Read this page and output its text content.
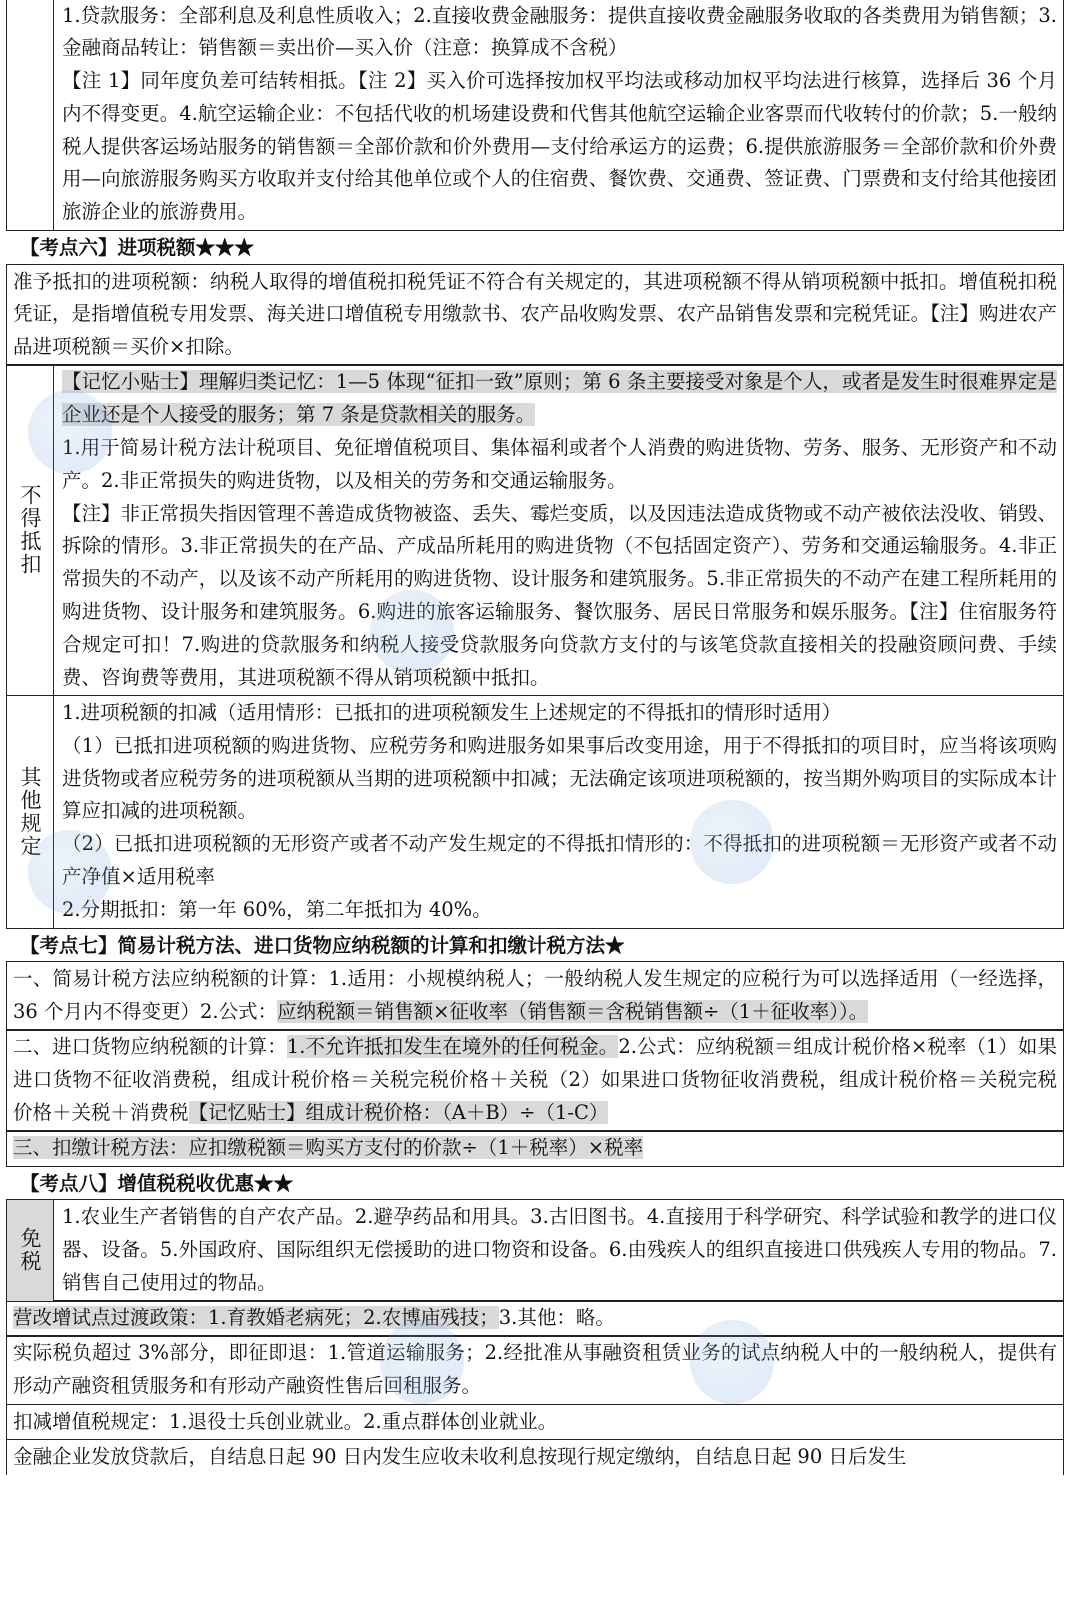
1.贷款服务：全部利息及利息性质收入；2.直接收费金融服务：提供直接收费金融服务收取的各类费用为销售额；3.金融商品转让：销售额＝卖出价—买入价（注意：换算成不含税）

【注 1】同年度负差可结转相抵。【注 2】买入价可选择按加权平均法或移动加权平均法进行核算，选择后 36 个月内不得变更。4.航空运输企业：不包括代收的机场建设费和代售其他航空运输企业客票而代收转付的价款；5.一般纳税人提供客运场站服务的销售额＝全部价款和价外费用—支付给承运方的运费；6.提供旅游服务＝全部价款和价外费用—向旅游服务购买方收取并支付给其他单位或个人的住宿费、餐饮费、交通费、签证费、门票费和支付给其他接团旅游企业的旅游费用。

【考点六】进项税额★★★

准予抵扣的进项税额：纳税人取得的增值税扣税凭证不符合有关规定的，其进项税额不得从销项税额中抵扣。增值税扣税凭证，是指增值税专用发票、海关进口增值税专用缴款书、农产品收购发票、农产品销售发票和完税凭证。【注】购进农产品进项税额＝买价×扣除。

不得抵扣

【记忆小贴士】理解归类记忆：1—5 体现“征扣一致”原则；第 6 条主要接受对象是个人，或者是发生时很难界定是企业还是个人接受的服务；第 7 条是贷款相关的服务。

1.用于简易计税方法计税项目、免征增值税项目、集体福利或者个人消费的购进货物、劳务、服务、无形资产和不动产。2.非正常损失的购进货物，以及相关的劳务和交通运输服务。

【注】非正常损失指因管理不善造成货物被盗、丢失、霉烂变质，以及因违法造成货物或不动产被依法没收、销毁、拆除的情形。3.非正常损失的在产品、产成品所耗用的购进货物（不包括固定资产）、劳务和交通运输服务。4.非正常损失的不动产，以及该不动产所耗用的购进货物、设计服务和建筑服务。5.非正常损失的不动产在建工程所耗用的购进货物、设计服务和建筑服务。6.购进的旅客运输服务、餐饮服务、居民日常服务和娱乐服务。【注】住宿服务符合规定可扣！7.购进的贷款服务和纳税人接受贷款服务向贷款方支付的与该笔贷款直接相关的投融资顾问费、手续费、咨询费等费用，其进项税额不得从销项税额中抵扣。

其他规定

1.进项税额的扣减（适用情形：已抵扣的进项税额发生上述规定的不得抵扣的情形时适用）

（1）已抵扣进项税额的购进货物、应税劳务和购进服务如果事后改变用途，用于不得抵扣的项目时，应当将该项购进货物或者应税劳务的进项税额从当期的进项税额中扣减；无法确定该项进项税额的，按当期外购项目的实际成本计算应扣减的进项税额。

（2）已抵扣进项税额的无形资产或者不动产发生规定的不得抵扣情形的：不得抵扣的进项税额＝无形资产或者不动产净值×适用税率

2.分期抵扣：第一年 60%，第二年抵扣为 40%。

【考点七】简易计税方法、进口货物应纳税额的计算和扣缴计税方法★

一、简易计税方法应纳税额的计算：1.适用：小规模纳税人；一般纳税人发生规定的应税行为可以选择适用（一经选择，36 个月内不得变更）2.公式：应纳税额＝销售额×征收率（销售额＝含税销售额÷（1＋征收率））。

二、进口货物应纳税额的计算：1.不允许抵扣发生在境外的任何税金。2.公式：应纳税额＝组成计税价格×税率（1）如果进口货物不征收消费税，组成计税价格＝关税完税价格＋关税（2）如果进口货物征收消费税，组成计税价格＝关税完税价格＋关税＋消费税【记忆贴士】组成计税价格：（A＋B）÷（1-C）

三、扣缴计税方法：应扣缴税额＝购买方支付的价款÷（1＋税率）×税率

【考点八】增值税税收优惠★★

免税

1.农业生产者销售的自产农产品。2.避孕药品和用具。3.古旧图书。4.直接用于科学研究、科学试验和教学的进口仪器、设备。5.外国政府、国际组织无偿援助的进口物资和设备。6.由残疾人的组织直接进口供残疾人专用的物品。7.销售自己使用过的物品。

营改增试点过渡政策：1.育教婚老病死；2.农博庙残技；3.其他：略。

实际税负超过 3%部分，即征即退：1.管道运输服务；2.经批准从事融资租赁业务的试点纳税人中的一般纳税人，提供有形动产融资租赁服务和有形动产融资性售后回租服务。

扣减增值税规定：1.退役士兵创业就业。2.重点群体创业就业。

金融企业发放贷款后，自结息日起 90 日内发生应收未收利息按现行规定缴纳，自结息日起 90 日后发生
